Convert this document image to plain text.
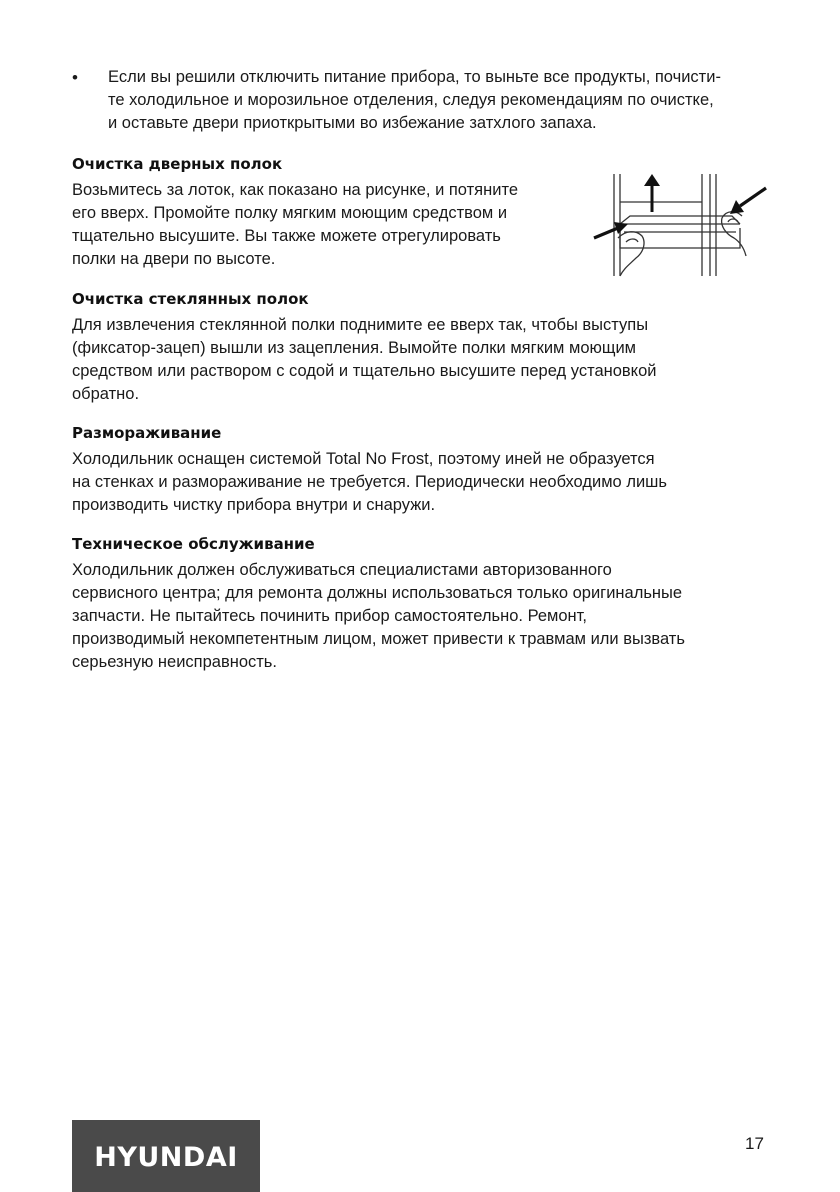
• Если вы решили отключить питание прибора, то выньте все продукты, почисти-
те холодильное и морозильное отделения, следуя рекомендациям по очистке,
и оставьте двери приоткрытыми во избежание затхлого запаха.
Очистка дверных полок

Возьмитесь за лоток, как показано на рисунке, и потяните
его вверх. Промойте полку мягким моющим средством и
тщательно высушите. Вы также можете отрегулировать
полки на двери по высоте.

Очистка стеклянных полок

Для извлечения стеклянной полки поднимите ее вверх так, чтобы выступы
(фиксатор-зацеп) вышли из зацепления. Вымойте полки мягким моющим
средством или раствором с содой и тщательно высушите перед установкой
обратно.

Размораживание

Холодильник оснащен системой Total No Frost, поэтому иней не образуется
на стенках и размораживание не требуется. Периодически необходимо лишь
производить чистку прибора внутри и снаружи.

Техническое обслуживание

Холодильник должен обслуживаться специалистами авторизованного
сервисного центра; для ремонта должны использоваться только оригинальные
запчасти. Не пытайтесь починить прибор самостоятельно. Ремонт,
производимый некомпетентным лицом, может привести к травмам или вызвать
серьезную неисправность.

HYUNDAI	17
